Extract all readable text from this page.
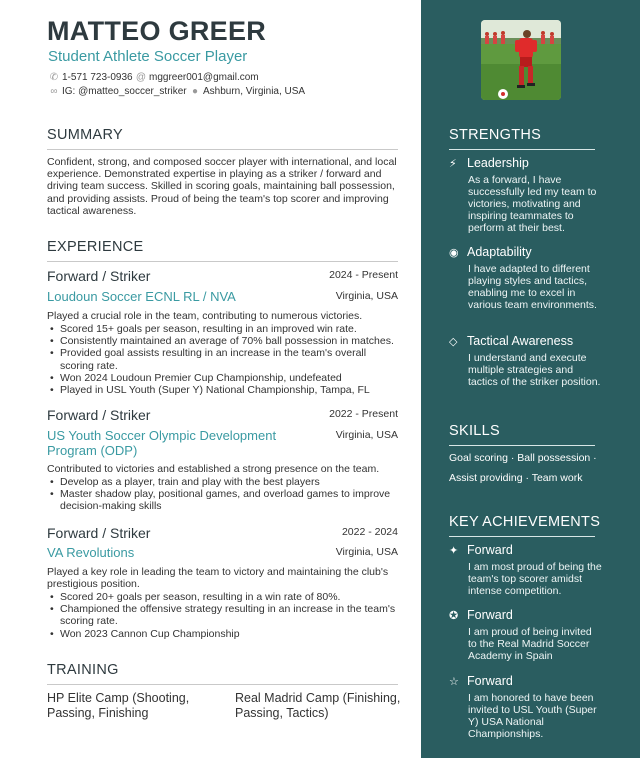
MATTEO GREER
Student Athlete Soccer Player
✆ 1-571 723-0936 @ mggreer001@gmail.com
∞ IG: @matteo_soccer_striker ● Ashburn, Virginia, USA
SUMMARY
Confident, strong, and composed soccer player with international, and local experience. Demonstrated expertise in playing as a striker / forward and driving team success. Skilled in scoring goals, maintaining ball possession, and providing assists. Proud of being the team's top scorer and improving tactical awareness.
EXPERIENCE
Forward / Striker	2024 - Present
Loudoun Soccer ECNL RL / NVA	Virginia, USA
Played a crucial role in the team, contributing to numerous victories.
• Scored 15+ goals per season, resulting in an improved win rate.
• Consistently maintained an average of 70% ball possession in matches.
• Provided goal assists resulting in an increase in the team's overall scoring rate.
• Won 2024 Loudoun Premier Cup Championship, undefeated
• Played in USL Youth (Super Y) National Championship, Tampa, FL
Forward / Striker	2022 - Present
US Youth Soccer Olympic Development Program (ODP)
Virginia, USA
Contributed to victories and established a strong presence on the team.
• Develop as a player, train and play with the best players
• Master shadow play, positional games, and overload games to improve decision-making skills
Forward / Striker	2022 - 2024
VA Revolutions	Virginia, USA
Played a key role in leading the team to victory and maintaining the club's prestigious position.
• Scored 20+ goals per season, resulting in a win rate of 80%.
• Championed the offensive strategy resulting in an increase in the team's scoring rate.
• Won 2023 Cannon Cup Championship
TRAINING
HP Elite Camp (Shooting, Passing, Finishing
Real Madrid Camp (Finishing, Passing, Tactics)
STRENGTHS
⚡︎ Leadership
As a forward, I have successfully led my team to victories, motivating and inspiring teammates to perform at their best.
◉ Adaptability
I have adapted to different playing styles and tactics, enabling me to excel in various team environments.
◇ Tactical Awareness
I understand and execute multiple strategies and tactics of the striker position.
SKILLS
Goal scoring · Ball possession ·
Assist providing · Team work
KEY ACHIEVEMENTS
✦ Forward
I am most proud of being the team's top scorer amidst intense competition.
✪ Forward
I am proud of being invited to the Real Madrid Soccer Academy in Spain
☆ Forward
I am honored to have been invited to USL Youth (Super Y) USA National Championships.
